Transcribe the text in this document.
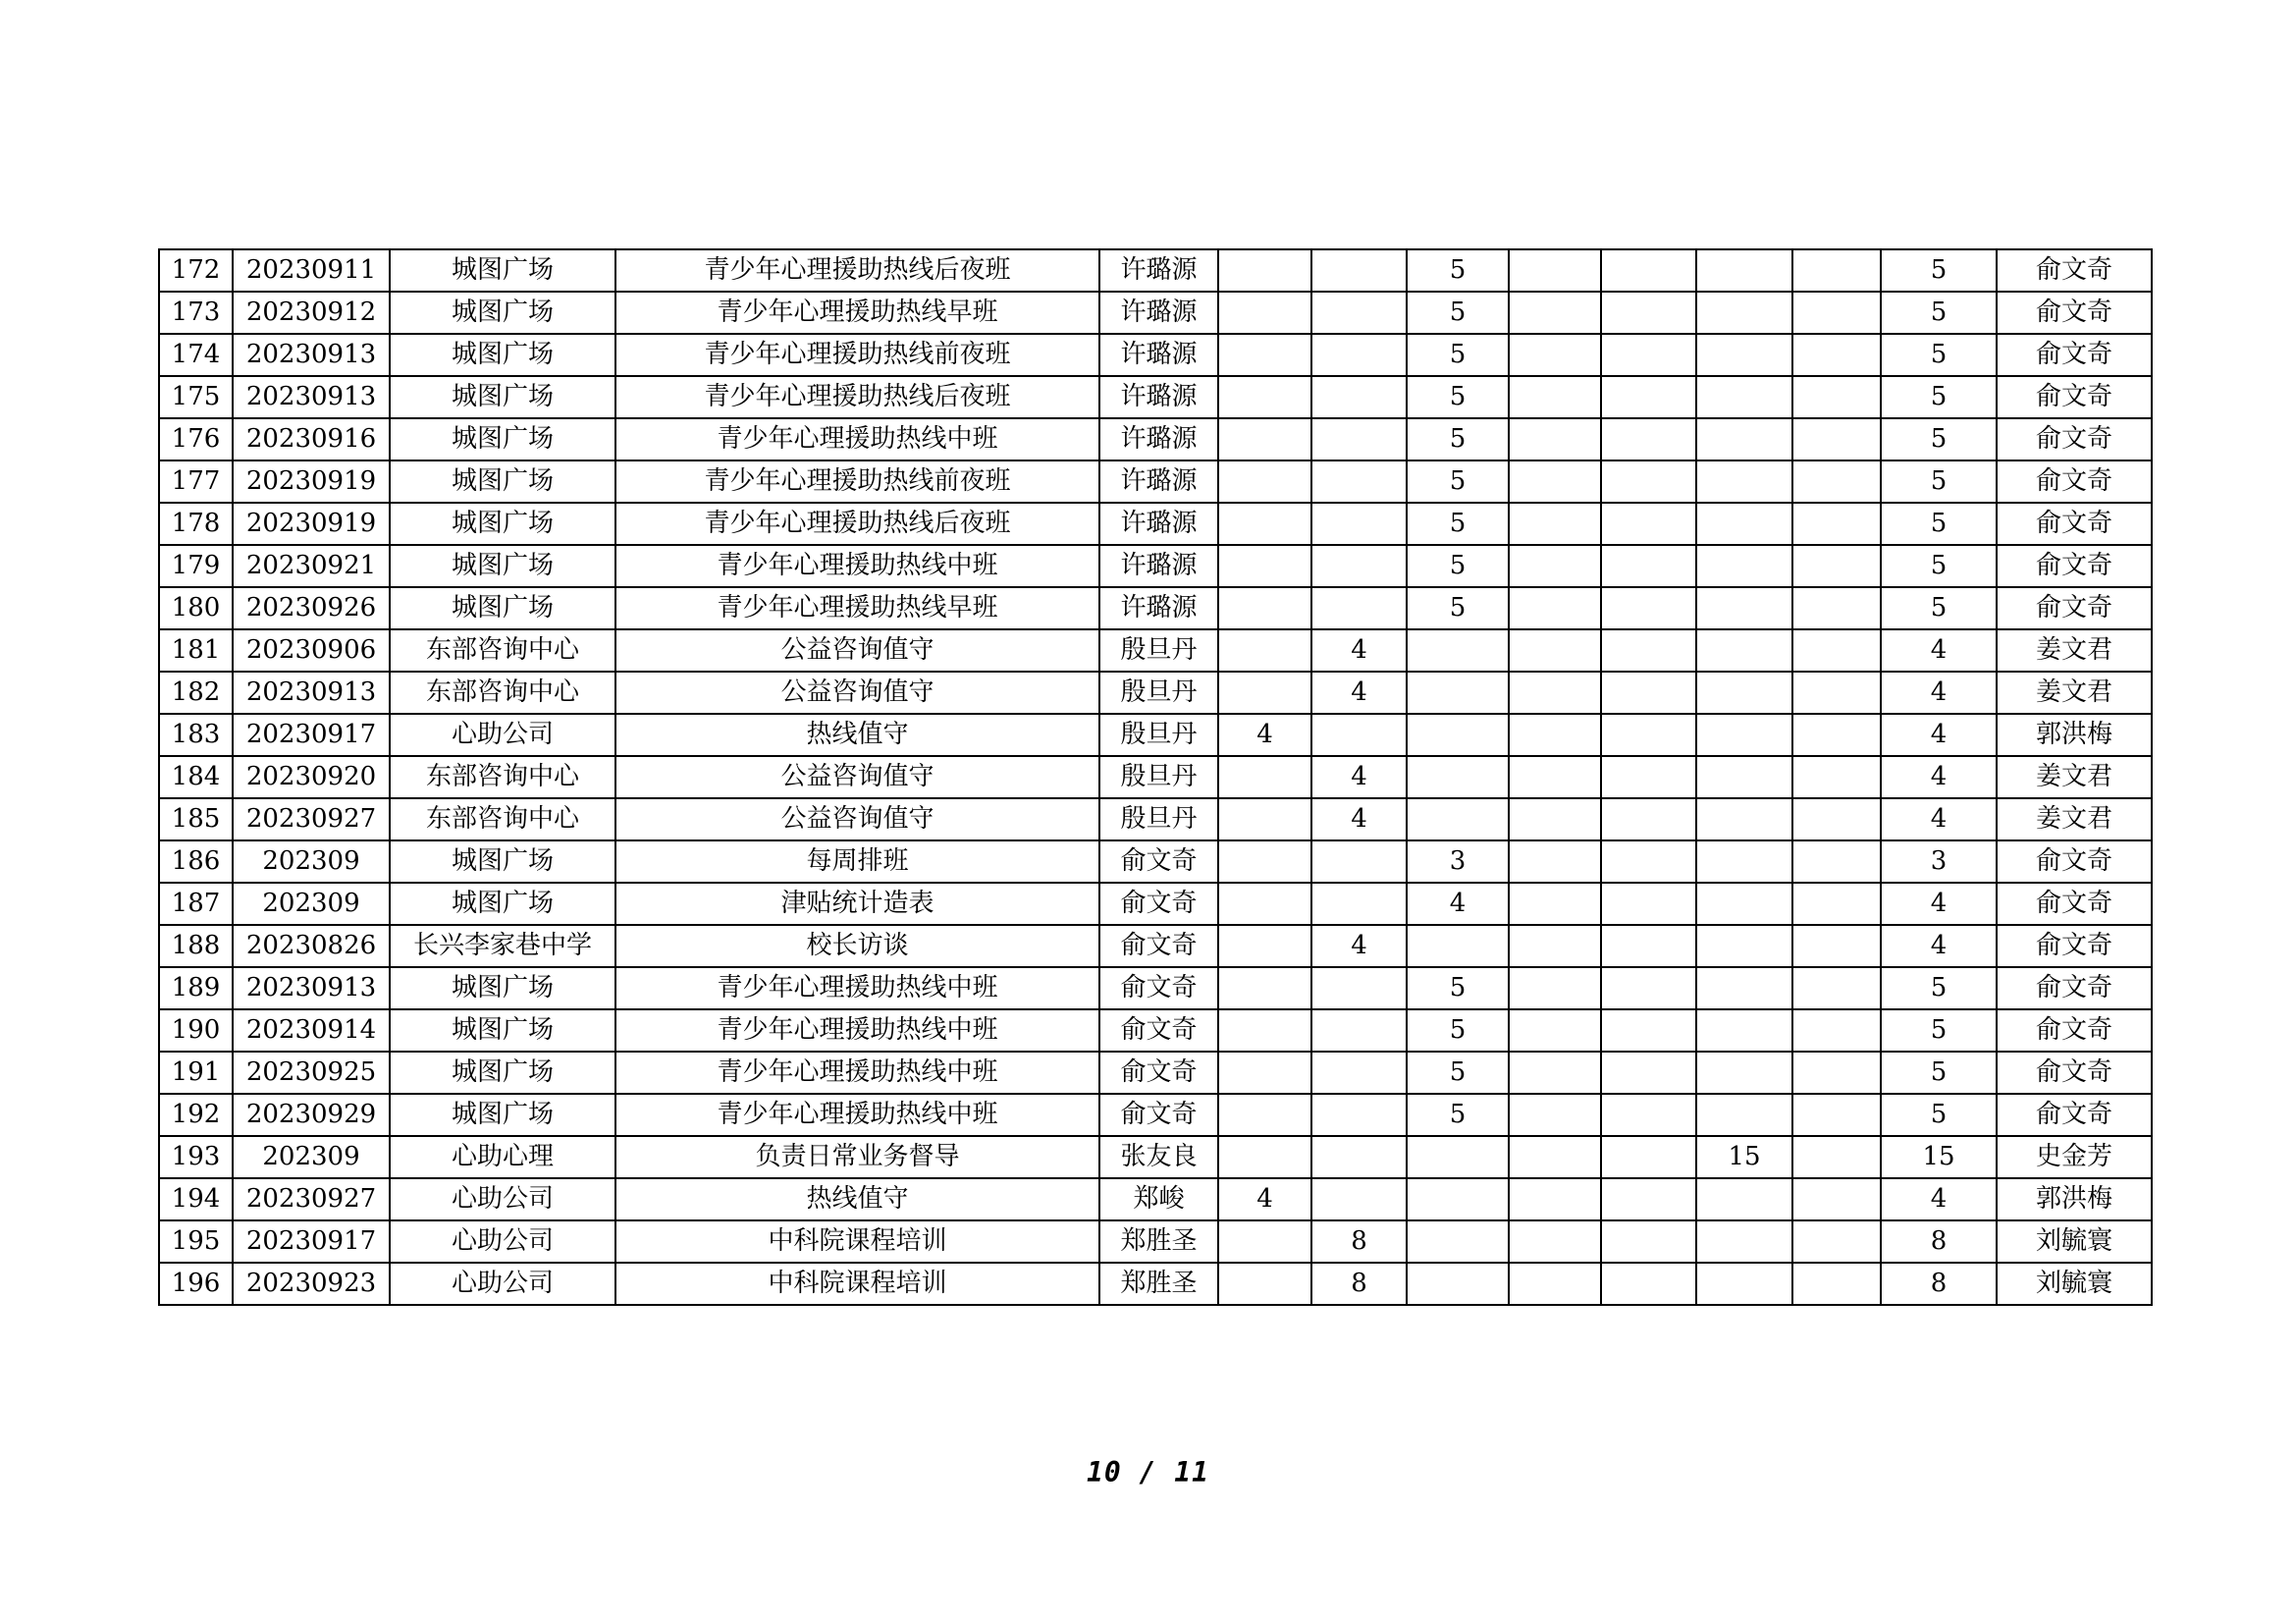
172	20230911	城图广场	青少年心理援助热线后夜班	许璐源			5					5	俞文奇
173	20230912	城图广场	青少年心理援助热线早班	许璐源			5					5	俞文奇
174	20230913	城图广场	青少年心理援助热线前夜班	许璐源			5					5	俞文奇
175	20230913	城图广场	青少年心理援助热线后夜班	许璐源			5					5	俞文奇
176	20230916	城图广场	青少年心理援助热线中班	许璐源			5					5	俞文奇
177	20230919	城图广场	青少年心理援助热线前夜班	许璐源			5					5	俞文奇
178	20230919	城图广场	青少年心理援助热线后夜班	许璐源			5					5	俞文奇
179	20230921	城图广场	青少年心理援助热线中班	许璐源			5					5	俞文奇
180	20230926	城图广场	青少年心理援助热线早班	许璐源			5					5	俞文奇
181	20230906	东部咨询中心	公益咨询值守	殷旦丹		4						4	姜文君
182	20230913	东部咨询中心	公益咨询值守	殷旦丹		4						4	姜文君
183	20230917	心助公司	热线值守	殷旦丹	4							4	郭洪梅
184	20230920	东部咨询中心	公益咨询值守	殷旦丹		4						4	姜文君
185	20230927	东部咨询中心	公益咨询值守	殷旦丹		4						4	姜文君
186	202309	城图广场	每周排班	俞文奇			3					3	俞文奇
187	202309	城图广场	津贴统计造表	俞文奇			4					4	俞文奇
188	20230826	长兴李家巷中学	校长访谈	俞文奇		4						4	俞文奇
189	20230913	城图广场	青少年心理援助热线中班	俞文奇			5					5	俞文奇
190	20230914	城图广场	青少年心理援助热线中班	俞文奇			5					5	俞文奇
191	20230925	城图广场	青少年心理援助热线中班	俞文奇			5					5	俞文奇
192	20230929	城图广场	青少年心理援助热线中班	俞文奇			5					5	俞文奇
193	202309	心助心理	负责日常业务督导	张友良						15		15	史金芳
194	20230927	心助公司	热线值守	郑峻	4							4	郭洪梅
195	20230917	心助公司	中科院课程培训	郑胜圣		8						8	刘毓寰
196	20230923	心助公司	中科院课程培训	郑胜圣		8						8	刘毓寰
10 / 11
